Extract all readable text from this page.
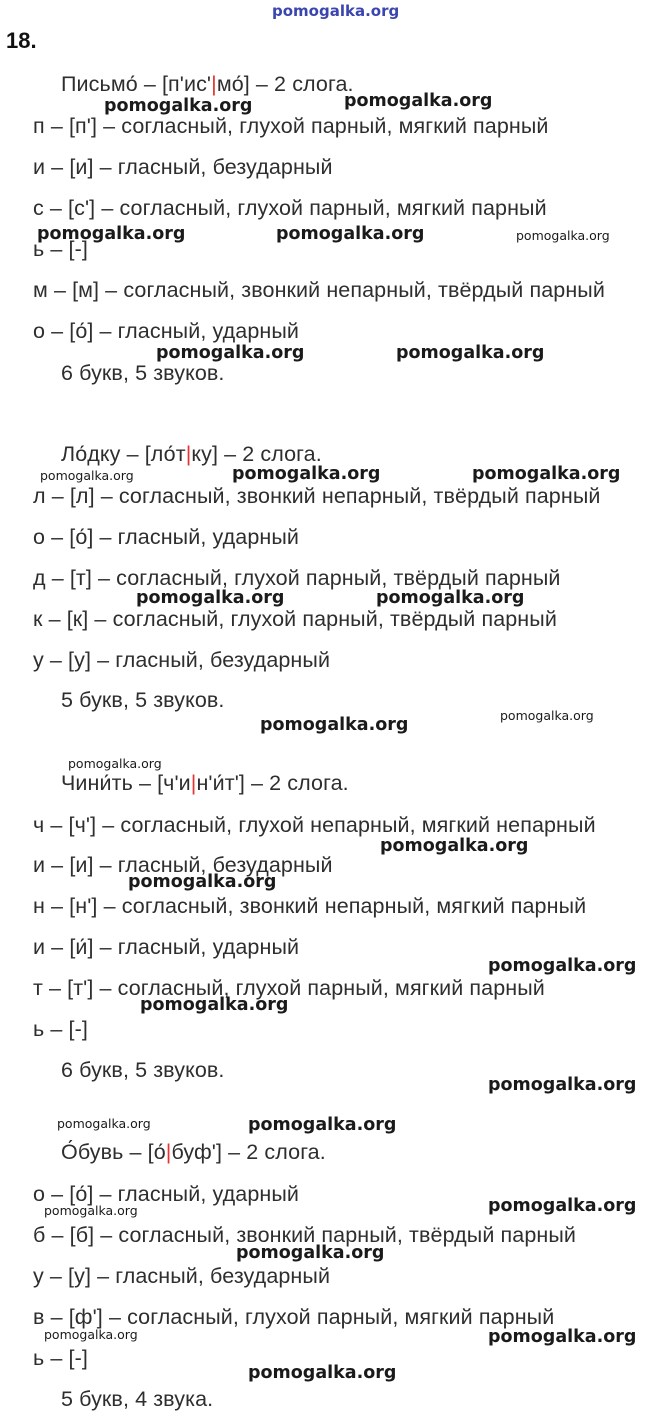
pomogalka.org
18.
Письмо́ – [п'ис'|мо́] – 2 слога.
п – [п'] – согласный, глухой парный, мягкий парный
и – [и] – гласный, безударный
с – [с'] – согласный, глухой парный, мягкий парный
ь – [-]
м – [м] – согласный, звонкий непарный, твёрдый парный
о – [о́] – гласный, ударный
6 букв, 5 звуков.
Ло́дку – [ло́т|ку] – 2 слога.
л – [л] – согласный, звонкий непарный, твёрдый парный
о – [о́] – гласный, ударный
д – [т] – согласный, глухой парный, твёрдый парный
к – [к] – согласный, глухой парный, твёрдый парный
у – [у] – гласный, безударный
5 букв, 5 звуков.
Чини́ть – [ч'и|н'и́т'] – 2 слога.
ч – [ч'] – согласный, глухой непарный, мягкий непарный
и – [и] – гласный, безударный
н – [н'] – согласный, звонкий непарный, мягкий парный
и – [и́] – гласный, ударный
т – [т'] – согласный, глухой парный, мягкий парный
ь – [-]
6 букв, 5 звуков.
О́бувь – [о́|буф'] – 2 слога.
о – [о́] – гласный, ударный
б – [б] – согласный, звонкий парный, твёрдый парный
у – [у] – гласный, безударный
в – [ф'] – согласный, глухой парный, мягкий парный
ь – [-]
5 букв, 4 звука.
pomogalka.org	pomogalka.org
pomogalka.org	pomogalka.org	pomogalka.org
pomogalka.org	pomogalka.org
pomogalka.org	pomogalka.org	pomogalka.org
pomogalka.org	pomogalka.org
pomogalka.org	pomogalka.org
pomogalka.org
pomogalka.org
pomogalka.org
pomogalka.org
pomogalka.org
pomogalka.org
pomogalka.org	pomogalka.org
pomogalka.org	pomogalka.org
pomogalka.org
pomogalka.org	pomogalka.org
pomogalka.org
